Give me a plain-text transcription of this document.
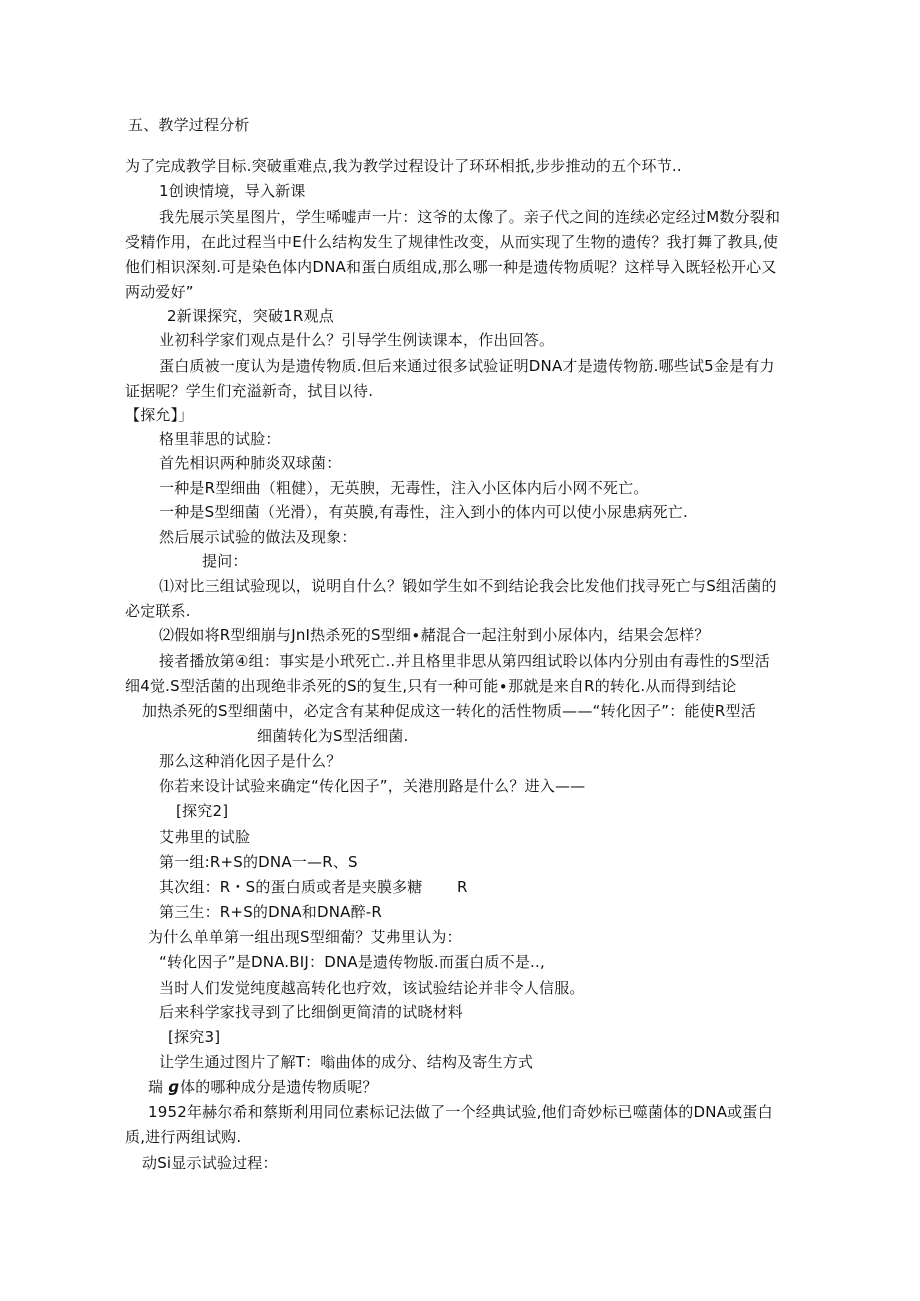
五、教学过程分析
为了完成教学目标.突破重难点,我为教学过程设计了环环相扺,步步推动的五个环节..
1创谀情境，导入新课
我先展示笑星图片，学生唏嘘声一片：这爷的太像了。亲子代之间的连续必定经过M数分裂和
受精作用，在此过程当中E什么结构发生了规律性改变，从而实现了生物的遗传？我打舞了教具,使
他们相识深刻.可是染色体内DNA和蛋白质组成,那么哪一种是遗传物质呢？这样导入既轻松开心又
两动爱好”
2新课探究，突破1R观点
业初科学家们观点是什么？引导学生例读课本，作出回答。
蛋白质被一度认为是遗传物质.但后来通过很多试验证明DNA才是遗传物筋.哪些试5金是有力
证据呢？学生们充溢新奇，拭目以待.
【探允】」
格里菲思的试脸：
首先相识两种肺炎双球菌：
一种是R型细曲（粗健），无英腴，无毒性，注入小区体内后小网不死亡。
一种是S型细菌（光滑），有英膜,有毒性，注入到小的体内可以使小尿患病死亡.
然后展示试验的做法及现象：
提问：
⑴对比三组试验现以，说明自什么？锻如学生如不到结论我会比发他们找寻死亡与S组活菌的
必定联系.
⑵假如将R型细崩与JnI热杀死的S型细∙赭混合一起注射到小尿体内，结果会怎样？
接者播放第④组：事实是小玳死亡..并且格里非思从第四组试聆以体内分别由有毒性的S型活
细4觉.S型活菌的出现绝非杀死的S的复生,只有一种可能∙那就是来自R的转化.从而得到结论
加热杀死的S型细菌中，必定含有某种促成这一转化的活性物质——“转化因子”：能使R型活
细菌转化为S型活细菌.
那么这种消化因子是什么？
你若来设计试验来确定“传化因子”，关港刖路是什么？进入——
[探究2]
艾弗里的试脸
第一组:R+S的DNA一—R、S
其次组：R・S的蛋白质或者是夹膜多糖 R
第三生：R+S的DNA和DNA醉-R
为什么单单第一组出现S型细葡？艾弗里认为：
“转化因子”是DNA.BIJ：DNA是遗传物版.而蛋白质不是..,
当时人们发觉纯度越高转化也疗效，该试验结论并非令人信服。
后来科学家找寻到了比细倒更简清的试晓材料
[探究3]
让学生通过图片了解T：嗡曲体的成分、结构及寄生方式
瑞 ɡ 体的哪种成分是遗传物质呢？
1952年赫尔希和蔡斯利用同位素标记法做了一个经典试验,他们奇妙标已噬菌体的DNA或蛋白
质,进行两组试购.
动Si显示试验过程：
